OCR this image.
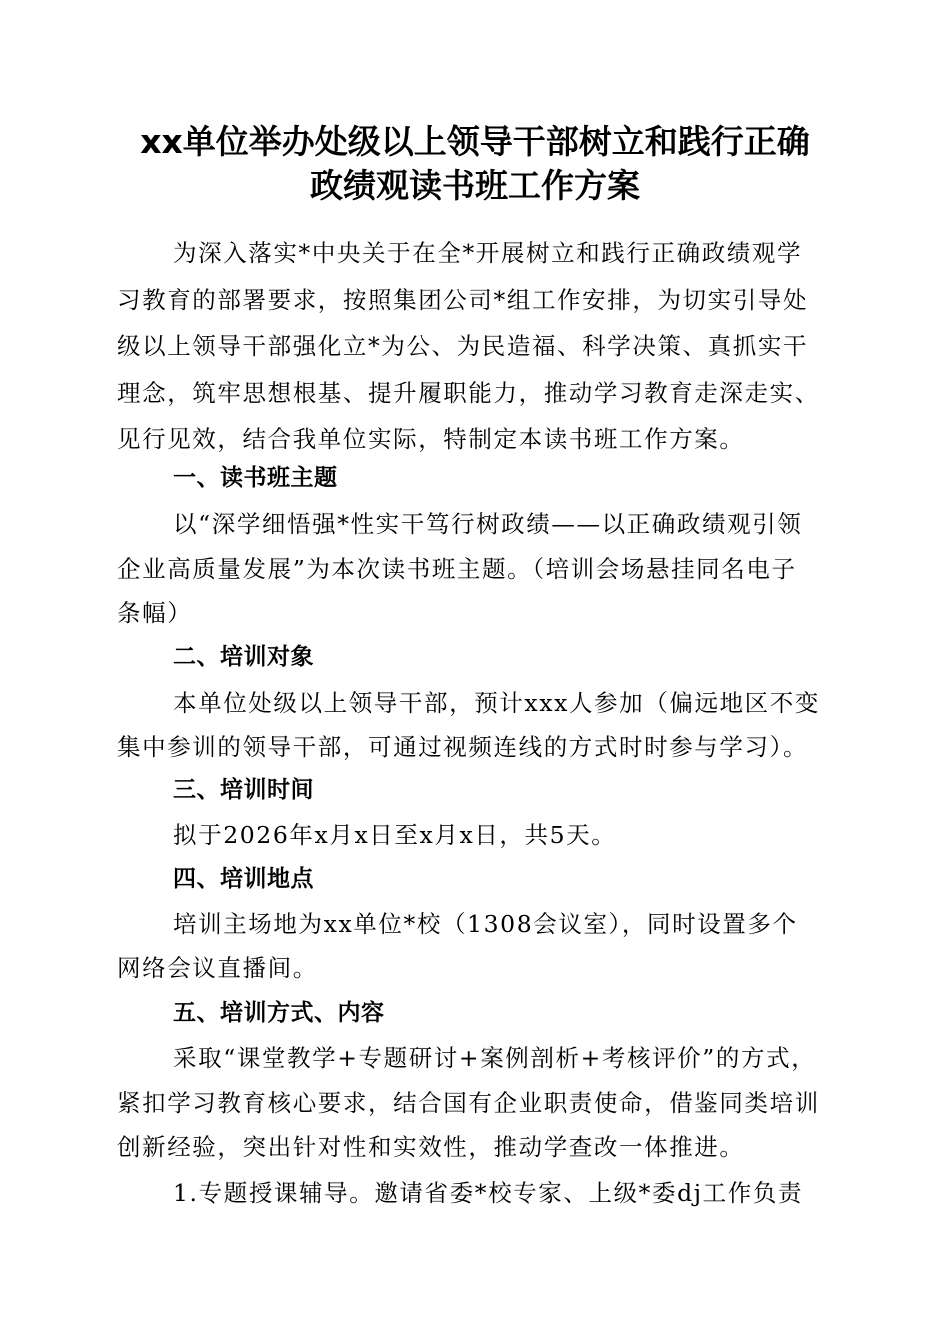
xx单位举办处级以上领导干部树立和践行正确
政绩观读书班工作方案
为深入落实*中央关于在全*开展树立和践行正确政绩观学
习教育的部署要求，按照集团公司*组工作安排，为切实引导处
级以上领导干部强化立*为公、为民造福、科学决策、真抓实干
理念，筑牢思想根基、提升履职能力，推动学习教育走深走实、
见行见效，结合我单位实际，特制定本读书班工作方案。
一、读书班主题
以“深学细悟强*性实干笃行树政绩——以正确政绩观引领
企业高质量发展”为本次读书班主题。（培训会场悬挂同名电子
条幅）
二、培训对象
本单位处级以上领导干部，预计xxx人参加（偏远地区不变
集中参训的领导干部，可通过视频连线的方式时时参与学习）。
三、培训时间
拟于2026年x月x日至x月x日，共5天。
四、培训地点
培训主场地为xx单位*校（1308会议室），同时设置多个
网络会议直播间。
五、培训方式、内容
采取“课堂教学+专题研讨+案例剖析+考核评价”的方式，
紧扣学习教育核心要求，结合国有企业职责使命，借鉴同类培训
创新经验，突出针对性和实效性，推动学查改一体推进。
1.专题授课辅导。邀请省委*校专家、上级*委dj工作负责
